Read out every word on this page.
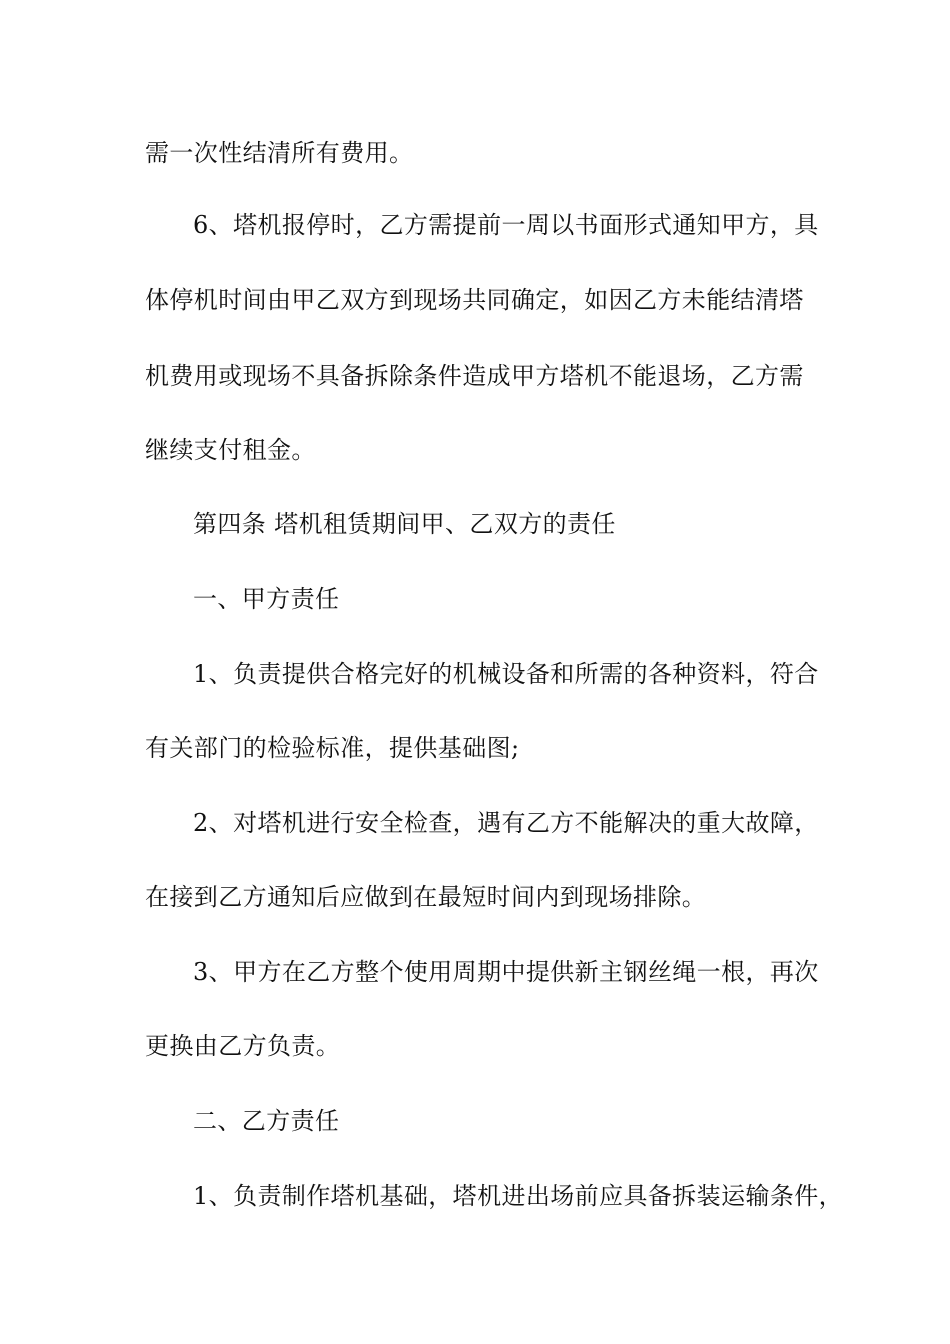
需一次性结清所有费用。
6、塔机报停时，乙方需提前一周以书面形式通知甲方，具
体停机时间由甲乙双方到现场共同确定，如因乙方未能结清塔
机费用或现场不具备拆除条件造成甲方塔机不能退场，乙方需
继续支付租金。
第四条 塔机租赁期间甲、乙双方的责任
一、甲方责任
1、负责提供合格完好的机械设备和所需的各种资料，符合
有关部门的检验标准，提供基础图;
2、对塔机进行安全检查，遇有乙方不能解决的重大故障，
在接到乙方通知后应做到在最短时间内到现场排除。
3、甲方在乙方整个使用周期中提供新主钢丝绳一根，再次
更换由乙方负责。
二、乙方责任
1、负责制作塔机基础，塔机进出场前应具备拆装运输条件，
